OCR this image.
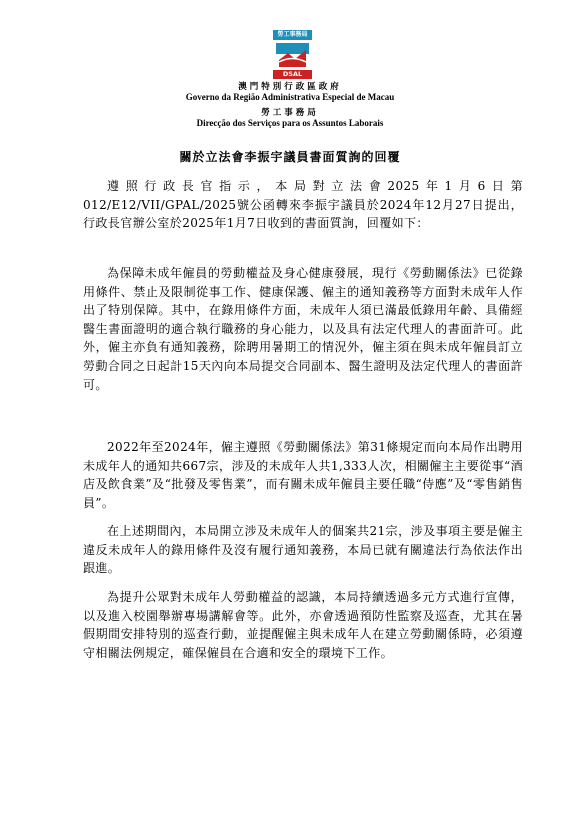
勞工事務局
DSAL
澳門特別行政區政府
Governo da Região Administrativa Especial de Macau
勞工事務局
Direcção dos Serviços para os Assuntos Laborais
關於立法會李振宇議員書面質詢的回覆

遵照行政長官指示，本局對立法會2025年1月6日第012/E12/VII/GPAL/2025號公函轉來李振宇議員於2024年12月27日提出，行政長官辦公室於2025年1月7日收到的書面質詢，回覆如下：

為保障未成年僱員的勞動權益及身心健康發展，現行《勞動關係法》已從錄用條件、禁止及限制從事工作、健康保護、僱主的通知義務等方面對未成年人作出了特別保障。其中，在錄用條件方面，未成年人須已滿最低錄用年齡、具備經醫生書面證明的適合執行職務的身心能力，以及具有法定代理人的書面許可。此外，僱主亦負有通知義務，除聘用暑期工的情況外，僱主須在與未成年僱員訂立勞動合同之日起計15天內向本局提交合同副本、醫生證明及法定代理人的書面許可。

2022年至2024年，僱主遵照《勞動關係法》第31條規定而向本局作出聘用未成年人的通知共667宗，涉及的未成年人共1,333人次，相關僱主主要從事“酒店及飲食業”及“批發及零售業”，而有關未成年僱員主要任職“侍應”及“零售銷售員”。

在上述期間內，本局開立涉及未成年人的個案共21宗，涉及事項主要是僱主違反未成年人的錄用條件及沒有履行通知義務，本局已就有關違法行為依法作出跟進。

為提升公眾對未成年人勞動權益的認識，本局持續透過多元方式進行宣傳，以及進入校園舉辦專場講解會等。此外，亦會透過預防性監察及巡查，尤其在暑假期間安排特別的巡查行動，並提醒僱主與未成年人在建立勞動關係時，必須遵守相關法例規定，確保僱員在合適和安全的環境下工作。
